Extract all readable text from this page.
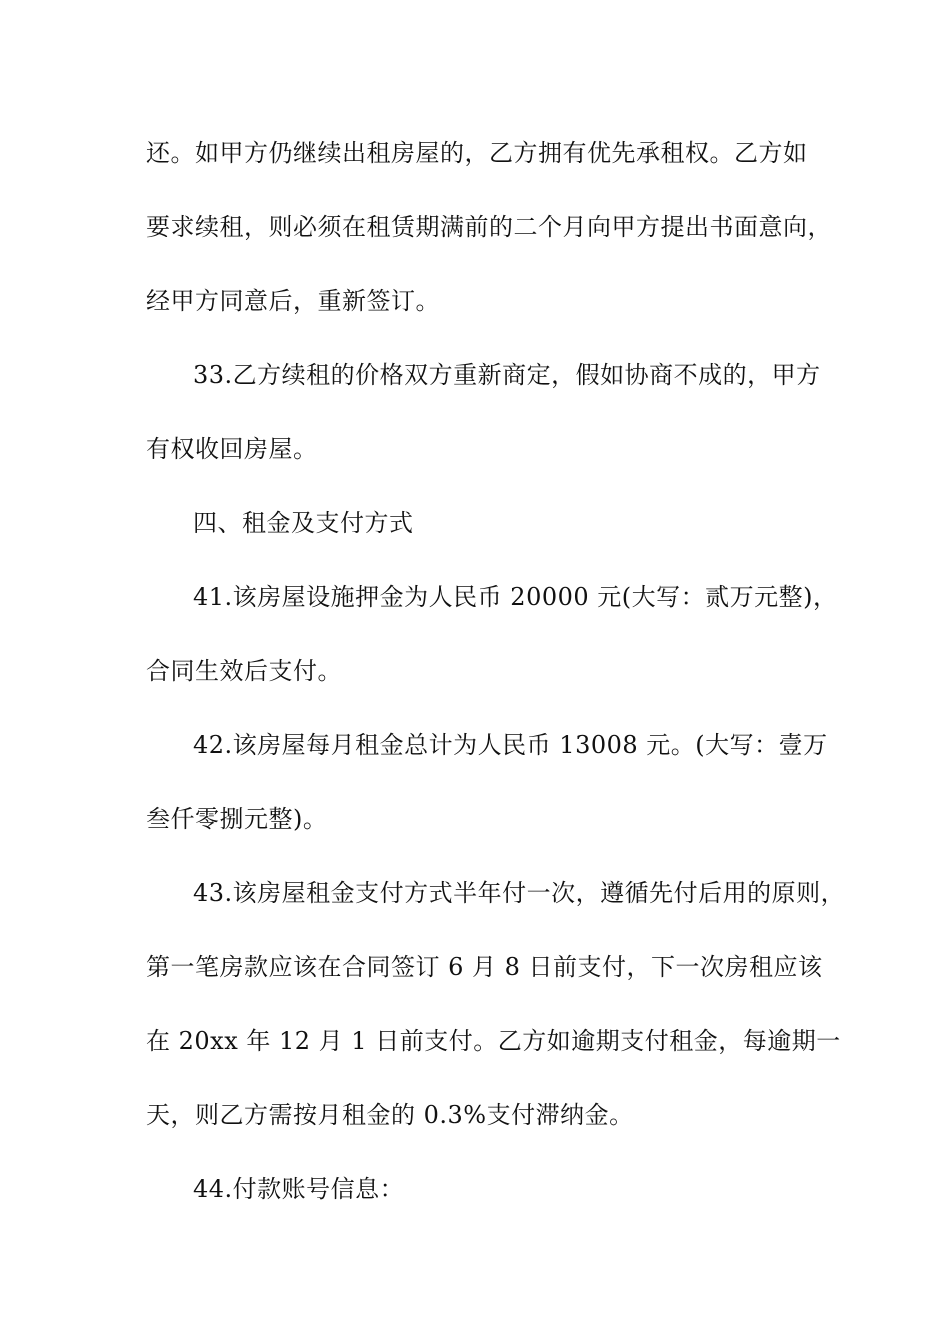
还。如甲方仍继续出租房屋的，乙方拥有优先承租权。乙方如
要求续租，则必须在租赁期满前的二个月向甲方提出书面意向，
经甲方同意后，重新签订。
33.乙方续租的价格双方重新商定，假如协商不成的，甲方
有权收回房屋。
四、租金及支付方式
41.该房屋设施押金为人民币 20000 元(大写：贰万元整)，
合同生效后支付。
42.该房屋每月租金总计为人民币 13008 元。(大写：壹万
叁仟零捌元整)。
43.该房屋租金支付方式半年付一次，遵循先付后用的原则，
第一笔房款应该在合同签订 6 月 8 日前支付，下一次房租应该
在 20xx 年 12 月 1 日前支付。乙方如逾期支付租金，每逾期一
天，则乙方需按月租金的 0.3%支付滞纳金。
44.付款账号信息：
